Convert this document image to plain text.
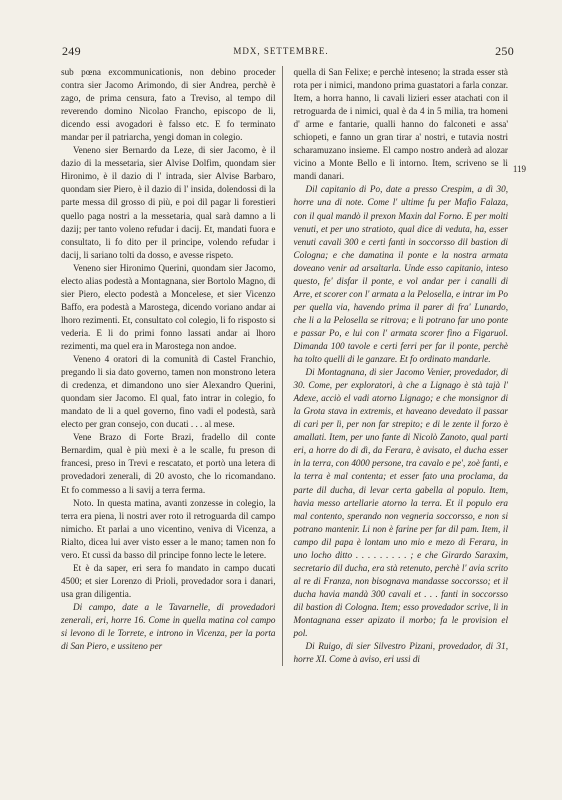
249	MDX, SETTEMBRE.	250

sub pœna excommunicationis, non debino proceder contra sier Jacomo Arimondo, di sier Andrea, perchè è zago, de prima censura, fato a Treviso, al tempo dil reverendo domino Nicolao Francho, episcopo de li, dicendo essi avogadori è falsso etc. E fo terminato mandar per il patriarcha, yengi doman in colegio.

Veneno sier Bernardo da Leze, di sier Jacomo, è il dazio di la messetaria, sier Alvise Dolfim, quondam sier Hironimo, è il dazio di l' intrada, sier Alvise Barbaro, quondam sier Piero, è il dazio di l' insida, dolendossi di la parte messa dil grosso di più, e poi dil pagar li forestieri quello paga nostri a la messetaria, qual sarà damno a li dazij; per tanto voleno refudar i dacij. Et, mandati fuora e consultato, li fo dito per il principe, volendo refudar i dacij, li sariano tolti da dosso, e avesse rispeto.

Veneno sier Hironimo Querini, quondam sier Jacomo, electo alias podestà a Montagnana, sier Bortolo Magno, di sier Piero, electo podestà a Moncelese, et sier Vicenzo Baffo, era podestà a Marostega, dicendo voriano andar ai lhoro rezimenti. Et, consultato col colegio, li fo risposto si vederia. E li do primi fonno lassati andar ai lhoro rezimenti, ma quel era in Marostega non andoe.

Veneno 4 oratori di la comunità di Castel Franchio, pregando li sia dato governo, tamen non monstrono letera di credenza, et dimandono uno sier Alexandro Querini, quondam sier Jacomo. El qual, fato intrar in colegio, fo mandato de li a quel governo, fino vadi el podestà, sarà electo per gran consejo, con ducati . . . al mese.

Vene Brazo di Forte Brazi, fradello dil conte Bernardim, qual è più mexi è a le scalle, fu preson di francesi, preso in Trevi e rescatato, et portò una letera di provedadori zenerali, di 20 avosto, che lo ricomandano. Et fo commesso a li savij a terra ferma.

Noto. In questa matina, avanti zonzesse in colegio, la terra era piena, li nostri aver roto il retroguarda dil campo nimicho. Et parlai a uno vicentino, veniva di Vicenza, a Rialto, dicea lui aver visto esser a le mano; tamen non fo vero. Et cussì da basso dil principe fonno lecte le letere.

Et è da saper, eri sera fo mandato in campo ducati 4500; et sier Lorenzo di Prioli, provedador sora i danari, usa gran diligentia.

Di campo, date a le Tavarnelle, di provedadori zenerali, eri, horre 16. Come in quella matina col campo si levono di le Torrete, e introno in Vicenza, per la porta di San Piero, e ussiteno per

quella di San Felixe; e perchè inteseno; la strada esser stà rota per i nimici, mandono prima guastatori a farla conzar. Item, a horra hanno, li cavali lizieri esser atachati con il retroguarda de i nimici, qual è da 4 in 5 milia, tra homeni d' arme e fantarie, qualli hanno do falconeti e assa' schiopeti, e fanno un gran tirar a' nostri, e tutavia nostri scharamuzano insieme. El campo nostro anderà ad alozar vicino a Monte Bello e lì intorno. Item, scriveno se li mandi danari.

Dil capitanio di Po, date a presso Crespim, a dì 30, horre una di note. Come l' ultime fu per Mafio Falaza, con il qual mandò il prexon Maxin dal Forno. E per molti venuti, et per uno stratioto, qual dice di veduta, ha, esser venuti cavali 300 e certi fanti in soccorsso dil bastion di Cologna; e che damatina il ponte e la nostra armata doveano venir ad arsaltarla. Unde esso capitanio, inteso questo, fe' disfar il ponte, e vol andar per i canalli di Arre, et scorer con l' armata a la Pelosella, e intrar im Po per quella via, havendo prima il parer di fra' Lunardo, che li a la Pelosella se ritrova; e li potrano far uno ponte e passar Po, e lui con l' armata scorer fino a Figaruol. Dimanda 100 tavole e certi ferri per far il ponte, perchè ha tolto quelli di le ganzare. Et fo ordinato mandarle.

Di Montagnana, di sier Jacomo Venier, provedador, di 30. Come, per exploratori, à che a Lignago è stà tajà l' Adexe, acciò el vadi atorno Lignago; e che monsignor di la Grota stava in extremis, et haveano devedato il passar di cari per lì, per non far strepito; e di le zente il forzo è amallati. Item, per uno fante di Nicolò Zanoto, qual parti eri, a horre do di dì, da Ferara, è avisato, el ducha esser in la terra, con 4000 persone, tra cavalo e pe', zoè fanti, e la terra è mal contenta; et esser fato una proclama, da parte dil ducha, di levar certa gabella al populo. Item, havia messo artellarie atorno la terra. Et il populo era mal contento, sperando non vegneria soccorsso, e non si potrano mantenir. Li non è farine per far dil pam. Item, il campo dil papa è lontam uno mio e mezo di Ferara, in uno locho ditto . . . . . . . . . ; e che Girardo Saraxim, secretario dil ducha, era stà retenuto, perchè l' avia scrito al re di Franza, non bisognava mandasse soccorsso; et il ducha havia mandà 300 cavali et . . . fanti in soccorsso dil bastion di Cologna. Item; esso provedador scrive, li in Montagnana esser apizato il morbo; fa le provision el pol.

Di Ruigo, di sier Silvestro Pizani, provedador, di 31, horre XI. Come à aviso, eri ussi di

119
